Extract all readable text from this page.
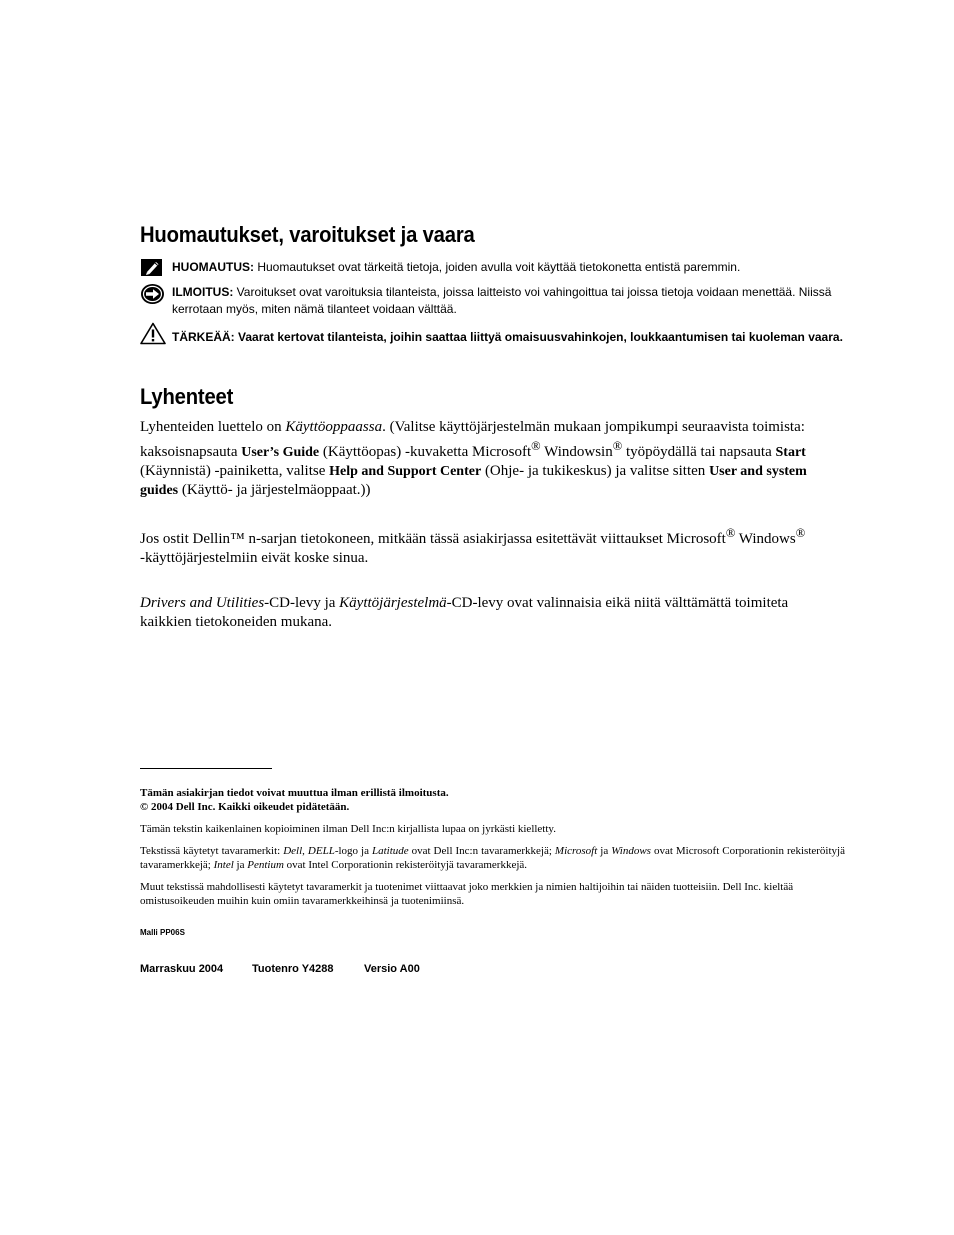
Huomautukset, varoitukset ja vaara
HUOMAUTUS: Huomautukset ovat tärkeitä tietoja, joiden avulla voit käyttää tietokonetta entistä paremmin.
ILMOITUS: Varoitukset ovat varoituksia tilanteista, joissa laitteisto voi vahingoittua tai joissa tietoja voidaan menettää. Niissä kerrotaan myös, miten nämä tilanteet voidaan välttää.
TÄRKEÄÄ: Vaarat kertovat tilanteista, joihin saattaa liittyä omaisuusvahinkojen, loukkaantumisen tai kuoleman vaara.
Lyhenteet

Lyhenteiden luettelo on Käyttöoppaassa. (Valitse käyttöjärjestelmän mukaan jompikumpi seuraavista toimista: kaksoisnapsauta User’s Guide (Käyttöopas) -kuvaketta Microsoft® Windowsin® työpöydällä tai napsauta Start (Käynnistä) -painiketta, valitse Help and Support Center (Ohje- ja tukikeskus) ja valitse sitten User and system guides (Käyttö- ja järjestelmäoppaat.))

Jos ostit Dellin™ n-sarjan tietokoneen, mitkään tässä asiakirjassa esitettävät viittaukset Microsoft® Windows®
-käyttöjärjestelmiin eivät koske sinua.

Drivers and Utilities-CD-levy ja Käyttöjärjestelmä-CD-levy ovat valinnaisia eikä niitä välttämättä toimiteta kaikkien tietokoneiden mukana.

Tämän asiakirjan tiedot voivat muuttua ilman erillistä ilmoitusta.
© 2004 Dell Inc. Kaikki oikeudet pidätetään.
Tämän tekstin kaikenlainen kopioiminen ilman Dell Inc:n kirjallista lupaa on jyrkästi kielletty.
Tekstissä käytetyt tavaramerkit: Dell, DELL-logo ja Latitude ovat Dell Inc:n tavaramerkkejä; Microsoft ja Windows ovat Microsoft Corporationin rekisteröityjä tavaramerkkejä; Intel ja Pentium ovat Intel Corporationin rekisteröityjä tavaramerkkejä.
Muut tekstissä mahdollisesti käytetyt tavaramerkit ja tuotenimet viittaavat joko merkkien ja nimien haltijoihin tai näiden tuotteisiin. Dell Inc. kieltää omistusoikeuden muihin kuin omiin tavaramerkkeihinsä ja tuotenimiinsä.
Malli PP06S
Marraskuu 2004	Tuotenro Y4288	Versio A00
